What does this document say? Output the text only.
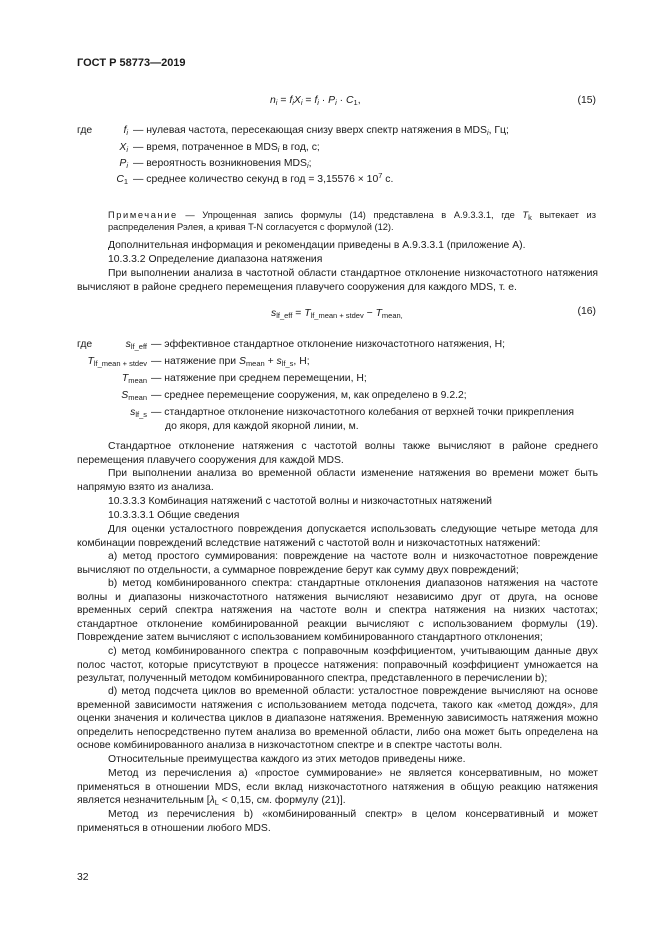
ГОСТ Р 58773—2019
$n_i = f_iX_i = f_i \cdot P_i \cdot C_1$,	(15)
где	$f_i$ — нулевая частота, пересекающая снизу вверх спектр натяжения в $MDS_i$, Гц;
$X_i$ — время, потраченное в $MDS_i$ в год, с;
$P_i$ — вероятность возникновения $MDS_i$;
$C_1$ — среднее количество секунд в год = $3,15576 \times 10^7$ с.
Примечание — Упрощенная запись формулы (14) представлена в А.9.3.3.1, где $T_k$ вытекает из распределения Рэлея, а кривая T-N согласуется с формулой (12).
Дополнительная информация и рекомендации приведены в А.9.3.3.1 (приложение А).
10.3.3.2 Определение диапазона натяжения

При выполнении анализа в частотной области стандартное отклонение низкочастотного натяжения вычисляют в районе среднего перемещения плавучего сооружения для каждого MDS, т. е.

$s_{lf\_eff} = T_{lf\_mean + stdev} - T_{mean,}$	(16)
где	$s_{lf\_eff}$ — эффективное стандартное отклонение низкочастотного натяжения, Н;
$T_{lf\_mean + stdev}$ — натяжение при $S_{mean} + s_{lf\_s}$, Н;
$T_{mean}$ — натяжение при среднем перемещении, Н;
$S_{mean}$ — среднее перемещение сооружения, м, как определено в 9.2.2;
$s_{lf\_s}$ — стандартное отклонение низкочастотного колебания от верхней точки прикрепления
до якоря, для каждой якорной линии, м.

Стандартное отклонение натяжения с частотой волны также вычисляют в районе среднего перемещения плавучего сооружения для каждой MDS.

При выполнении анализа во временной области изменение натяжения во времени может быть напрямую взято из анализа.

10.3.3.3 Комбинация натяжений с частотой волны и низкочастотных натяжений
10.3.3.3.1 Общие сведения

Для оценки усталостного повреждения допускается использовать следующие четыре метода для комбинации повреждений вследствие натяжений с частотой волн и низкочастотных натяжений:

а) метод простого суммирования: повреждение на частоте волн и низкочастотное повреждение вычисляют по отдельности, а суммарное повреждение берут как сумму двух повреждений;

b) метод комбинированного спектра: стандартные отклонения диапазонов натяжения на частоте волны и диапазоны низкочастотного натяжения вычисляют независимо друг от друга, на основе временных серий спектра натяжения на частоте волн и спектра натяжения на низких частотах; стандартное отклонение комбинированной реакции вычисляют с использованием формулы (19). Повреждение затем вычисляют с использованием комбинированного стандартного отклонения;

с) метод комбинированного спектра с поправочным коэффициентом, учитывающим данные двух полос частот, которые присутствуют в процессе натяжения: поправочный коэффициент умножается на результат, полученный методом комбинированного спектра, представленного в перечислении b);

d) метод подсчета циклов во временной области: усталостное повреждение вычисляют на основе временной зависимости натяжения с использованием метода подсчета, такого как «метод дождя», для оценки значения и количества циклов в диапазоне натяжения. Временную зависимость натяжения можно определить непосредственно путем анализа во временной области, либо она может быть определена на основе комбинированного анализа в низкочастотном спектре и в спектре частоты волн.

Относительные преимущества каждого из этих методов приведены ниже.

Метод из перечисления а) «простое суммирование» не является консервативным, но может применяться в отношении MDS, если вклад низкочастотного натяжения в общую реакцию натяжения является незначительным [$\lambda_L < 0,15$, см. формулу (21)].

Метод из перечисления b) «комбинированный спектр» в целом консервативный и может применяться в отношении любого MDS.

32
